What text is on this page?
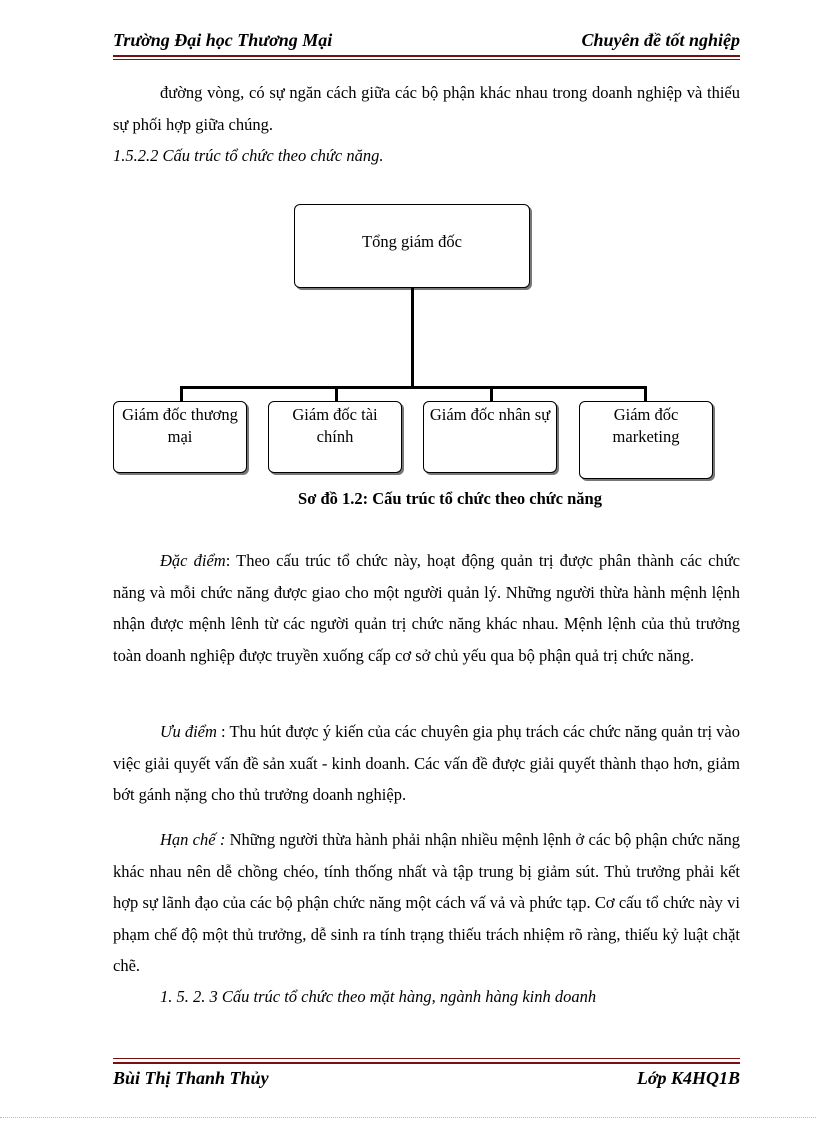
Trường Đại học Thương Mại	Chuyên đề tốt nghiệp

đường vòng, có sự ngăn cách giữa các bộ phận khác nhau trong doanh nghiệp và thiếu sự phối hợp giữa chúng.

1.5.2.2 Cấu trúc tổ chức theo chức năng.

Tổng giám đốc
Giám đốc thương mại
Giám đốc tài chính
Giám đốc nhân sự	Giám đốc marketing

Sơ đồ 1.2: Cấu trúc tổ chức theo chức năng

Đặc điểm: Theo cấu trúc tổ chức này, hoạt động quản trị được phân thành các chức năng và mỗi chức năng được giao cho một người quản lý. Những người thừa hành mệnh lệnh nhận được mệnh lênh từ các người quản trị chức năng khác nhau. Mệnh lệnh của thủ trưởng toàn doanh nghiệp được truyền xuống cấp cơ sở chủ yếu qua bộ phận quả trị chức năng.

Ưu điểm : Thu hút được ý kiến của các chuyên gia phụ trách các chức năng quản trị vào việc giải quyết vấn đề sản xuất - kinh doanh. Các vấn đề được giải quyết thành thạo hơn, giảm bớt gánh nặng cho thủ trưởng doanh nghiệp.

Hạn chế : Những người thừa hành phải nhận nhiều mệnh lệnh ở các bộ phận chức năng khác nhau nên dễ chồng chéo, tính thống nhất và tập trung bị giảm sút. Thủ trưởng phải kết hợp sự lãnh đạo của các bộ phận chức năng một cách vấ vả và phức tạp. Cơ cấu tổ chức này vi phạm chế độ một thủ trưởng, dễ sinh ra tính trạng thiếu trách nhiệm rõ ràng, thiếu kỷ luật chặt chẽ.

1. 5. 2. 3 Cấu trúc tổ chức theo mặt hàng, ngành hàng kinh doanh

Bùi Thị Thanh Thủy	Lớp K4HQ1B
